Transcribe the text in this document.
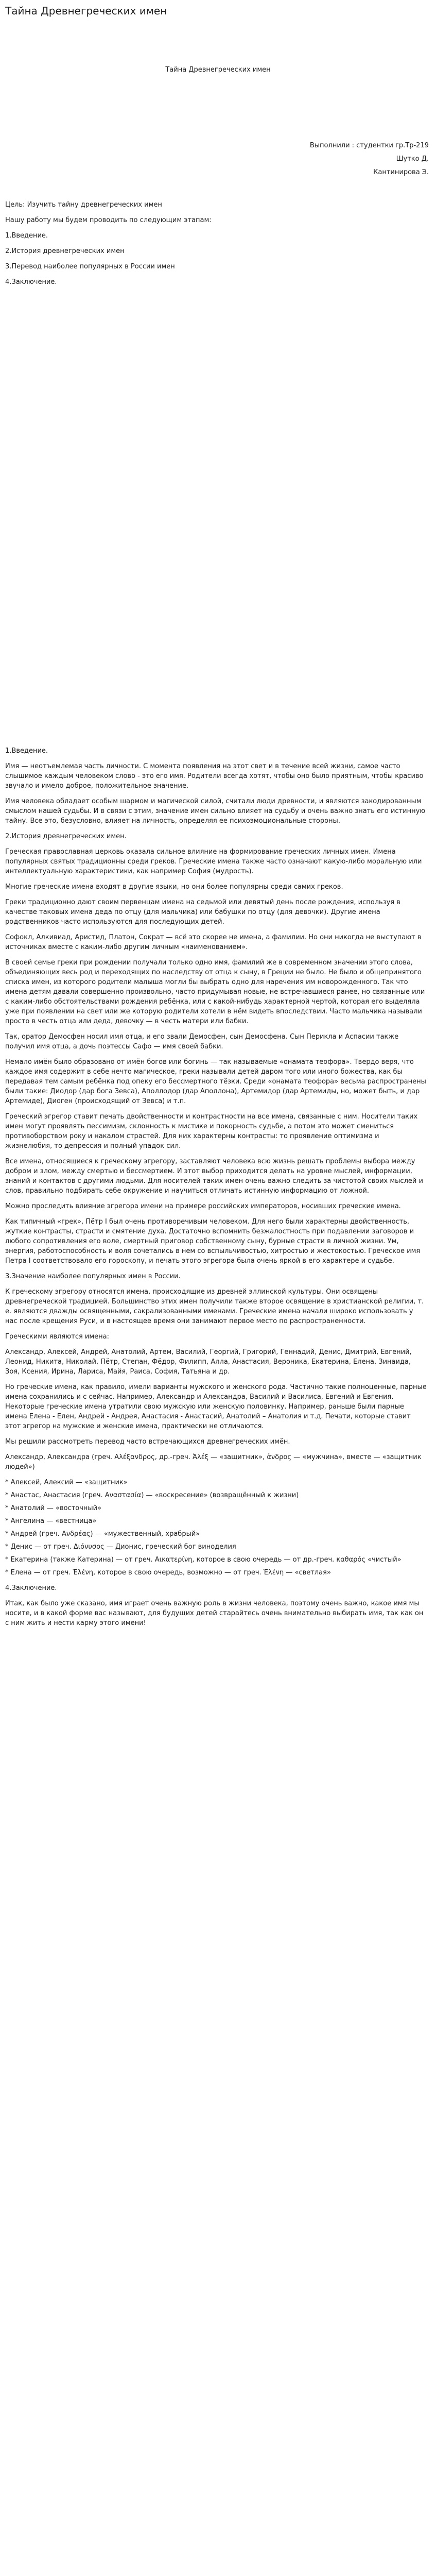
Тайна Древнегреческих имен
Тайна Древнегреческих имен
Выполнили : студентки гр.Тр-219
Шутко Д.
Кантинирова Э.

Цель: Изучить тайну древнегреческих имен

Нашу работу мы будем проводить по следующим этапам:

1.Введение.

2.История древнегреческих имен

3.Перевод наиболее популярных в России имен

4.Заключение.

1.Введение.

Имя — неотъемлемая часть личности. С момента появления на этот свет и в течение всей жизни, самое часто слышимое каждым человеком слово - это его имя. Родители всегда хотят, чтобы оно было приятным, чтобы красиво звучало и имело доброе, положительное значение.

Имя человека обладает особым шармом и магической силой, считали люди древности, и являются закодированным смыслом нашей судьбы. И в связи с этим, значение имен сильно влияет на судьбу и очень важно знать его истинную тайну. Все это, безусловно, влияет на личность, определяя ее психоэмоциональные стороны.

2.История древнегреческих имен.

Греческая православная церковь оказала сильное влияние на формирование греческих личных имен. Имена популярных святых традиционны среди греков. Греческие имена также часто означают какую-либо моральную или интеллектуальную характеристики, как например София (мудрость).

Многие греческие имена входят в другие языки, но они более популярны среди самих греков.

Греки традиционно дают своим первенцам имена на седьмой или девятый день после рождения, используя в качестве таковых имена деда по отцу (для мальчика) или бабушки по отцу (для девочки). Другие имена родственников часто используются для последующих детей.

Софокл, Алкивиад, Аристид, Платон, Сократ — всё это скорее не имена, а фамилии. Но они никогда не выступают в источниках вместе с каким-либо другим личным «наименованием».

В своей семье греки при рождении получали только одно имя, фамилий же в современном значении этого слова, объединяющих весь род и переходящих по наследству от отца к сыну, в Греции не было. Не было и общепринятого списка имен, из которого родители малыша могли бы выбрать одно для наречения им новорожденного. Так что имена детям давали совершенно произвольно, часто придумывая новые, не встречавшиеся ранее, но связанные или с каким-либо обстоятельствами рождения ребёнка, или с какой-нибудь характерной чертой, которая его выделяла уже при появлении на свет или же которую родители хотели в нём видеть впоследствии. Часто мальчика называли просто в честь отца или деда, девочку — в честь матери или бабки.

Так, оратор Демосфен носил имя отца, и его звали Демосфен, сын Демосфена. Сын Перикла и Аспасии также получил имя отца, а дочь поэтессы Сафо — имя своей бабки.

Немало имён было образовано от имён богов или богинь — так называемые «онамата теофора». Твердо веря, что каждое имя содержит в себе нечто магическое, греки называли детей даром того или иного божества, как бы передавая тем самым ребёнка под опеку его бессмертного тёзки. Среди «онамата теофора» весьма распространены были такие: Диодор (дар бога Зевса), Аполлодор (дар Аполлона), Артемидор (дар Артемиды, но, может быть, и дар Артемиде), Диоген (происходящий от Зевса) и т.п.

Греческий эгрегор ставит печать двойственности и контрастности на все имена, связанные с ним. Носители таких имен могут проявлять пессимизм, склонность к мистике и покорность судьбе, а потом это может смениться противоборством року и накалом страстей. Для них характерны контрасты: то проявление оптимизма и жизнелюбия, то депрессия и полный упадок сил.

Все имена, относящиеся к греческому эгрегору, заставляют человека всю жизнь решать проблемы выбора между добром и злом, между смертью и бессмертием. И этот выбор приходится делать на уровне мыслей, информации, знаний и контактов с другими людьми. Для носителей таких имен очень важно следить за чистотой своих мыслей и слов, правильно подбирать себе окружение и научиться отличать истинную информацию от ложной.

Можно проследить влияние эгрегора имени на примере российских императоров, носивших греческие имена.

Как типичный «грек», Пётр I был очень противоречивым человеком. Для него были характерны двойственность, жуткие контрасты, страсти и смятение духа. Достаточно вспомнить безжалостность при подавлении заговоров и любого сопротивления его воле, смертный приговор собственному сыну, бурные страсти в личной жизни. Ум, энергия, работоспособность и воля сочетались в нем со вспыльчивостью, хитростью и жестокостью. Греческое имя Петра I соответствовало его гороскопу, и печать этого эгрегора была очень яркой в его характере и судьбе.

3.Значение наиболее популярных имен в России.

К греческому эгрегору относятся имена, происходящие из древней эллинской культуры. Они освящены древнегреческой традицией. Большинство этих имен получили также второе освящение в христианской религии, т. е. являются дважды освященными, сакрализованными именами. Греческие имена начали широко использовать у нас после крещения Руси, и в настоящее время они занимают первое место по распространенности.

Греческими являются имена:

Александр, Алексей, Андрей, Анатолий, Артем, Василий, Георгий, Григорий, Геннадий, Денис, Дмитрий, Евгений, Леонид, Никита, Николай, Пётр, Степан, Фёдор, Филипп, Алла, Анастасия, Вероника, Екатерина, Елена, Зинаида, Зоя, Ксения, Ирина, Лариса, Майя, Раиса, София, Татьяна и др.

Но греческие имена, как правило, имели варианты мужского и женского рода. Частично такие полноценные, парные имена сохранились и с сейчас. Например, Александр и Александра, Василий и Василиса, Евгений и Евгения. Некоторые греческие имена утратили свою мужскую или женскую половинку. Например, раньше были парные имена Елена - Елен, Андрей - Андрея, Анастасия - Анастасий, Анатолий – Анатолия и т.д. Печати, которые ставит этот эгрегор на мужские и женские имена, практически не отличаются.

Мы решили рассмотреть перевод часто встречающихся древнегреческих имён.

Александр, Александра (греч. Αλέξανδρος, др.-греч. Ἀλέξ — «защитник», ἀνδρος — «мужчина», вместе — «защитник людей»)

* Алексей, Алексий — «защитник»

* Анастас, Анастасия (греч. Αναστασία) — «воскресение» (возвращённый к жизни)

* Анатолий — «восточный»

* Ангелина — «вестница»

* Андрей (греч. Ανδρέας) — «мужественный, храбрый»

* Денис — от греч. Διόνυσος — Дионис, греческий бог виноделия

* Екатерина (также Катерина) — от греч. Αικατερίνη, которое в свою очередь — от др.-греч. καθαρός «чистый»

* Елена — от греч. Ἑλένη, которое в свою очередь, возможно — от греч. Ἑλένη — «светлая»

4.Заключение.

Итак, как было уже сказано, имя играет очень важную роль в жизни человека, поэтому очень важно, какое имя мы носите, и в какой форме вас называют, для будущих детей старайтесь очень внимательно выбирать имя, так как он с ним жить и нести карму этого имени!
